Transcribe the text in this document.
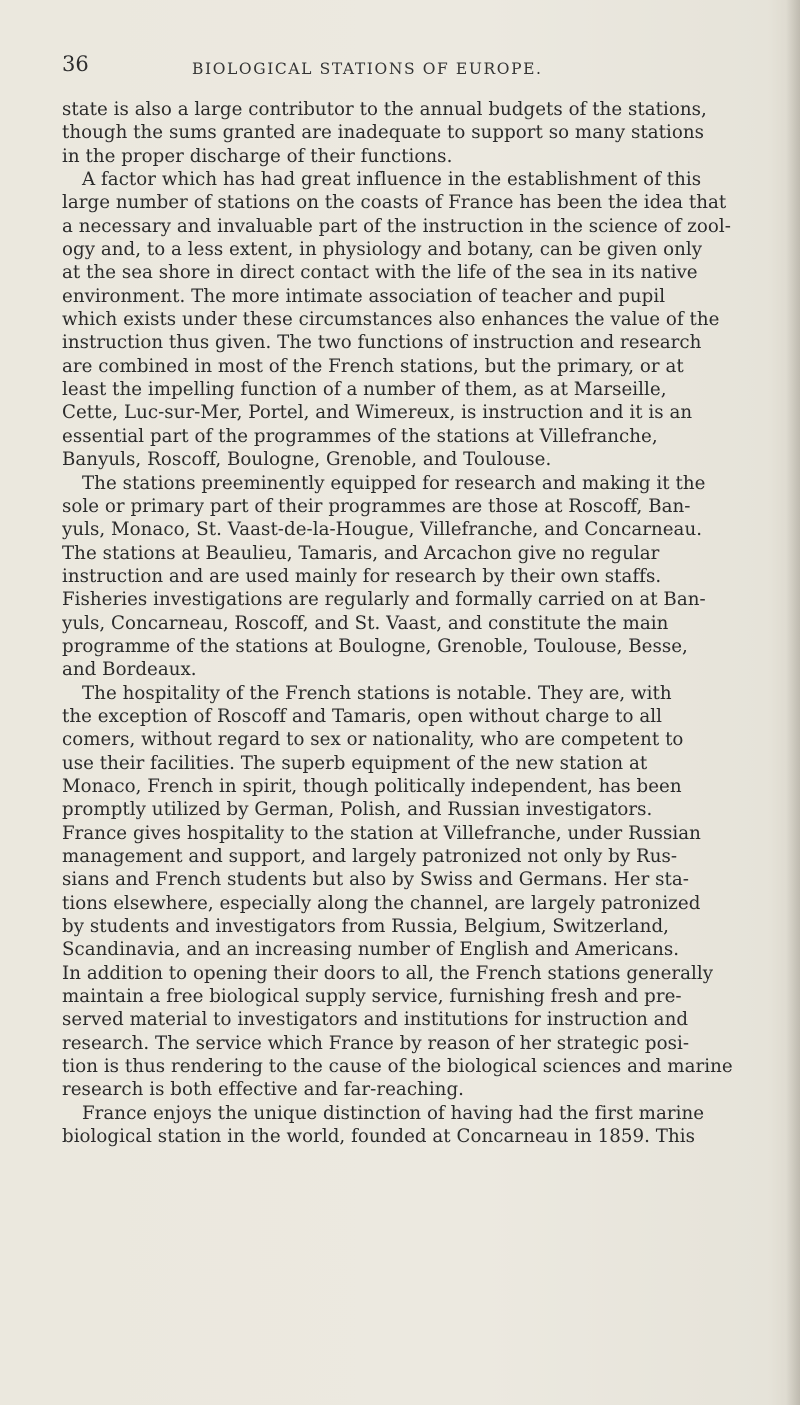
36	BIOLOGICAL STATIONS OF EUROPE.
state is also a large contributor to the annual budgets of the stations,
though the sums granted are inadequate to support so many stations
in the proper discharge of their functions.
A factor which has had great influence in the establishment of this
large number of stations on the coasts of France has been the idea that
a necessary and invaluable part of the instruction in the science of zool-
ogy and, to a less extent, in physiology and botany, can be given only
at the sea shore in direct contact with the life of the sea in its native
environment. The more intimate association of teacher and pupil
which exists under these circumstances also enhances the value of the
instruction thus given. The two functions of instruction and research
are combined in most of the French stations, but the primary, or at
least the impelling function of a number of them, as at Marseille,
Cette, Luc-sur-Mer, Portel, and Wimereux, is instruction and it is an
essential part of the programmes of the stations at Villefranche,
Banyuls, Roscoff, Boulogne, Grenoble, and Toulouse.
The stations preeminently equipped for research and making it the
sole or primary part of their programmes are those at Roscoff, Ban-
yuls, Monaco, St. Vaast-de-la-Hougue, Villefranche, and Concarneau.
The stations at Beaulieu, Tamaris, and Arcachon give no regular
instruction and are used mainly for research by their own staffs.
Fisheries investigations are regularly and formally carried on at Ban-
yuls, Concarneau, Roscoff, and St. Vaast, and constitute the main
programme of the stations at Boulogne, Grenoble, Toulouse, Besse,
and Bordeaux.
The hospitality of the French stations is notable. They are, with
the exception of Roscoff and Tamaris, open without charge to all
comers, without regard to sex or nationality, who are competent to
use their facilities. The superb equipment of the new station at
Monaco, French in spirit, though politically independent, has been
promptly utilized by German, Polish, and Russian investigators.
France gives hospitality to the station at Villefranche, under Russian
management and support, and largely patronized not only by Rus-
sians and French students but also by Swiss and Germans. Her sta-
tions elsewhere, especially along the channel, are largely patronized
by students and investigators from Russia, Belgium, Switzerland,
Scandinavia, and an increasing number of English and Americans.
In addition to opening their doors to all, the French stations generally
maintain a free biological supply service, furnishing fresh and pre-
served material to investigators and institutions for instruction and
research. The service which France by reason of her strategic posi-
tion is thus rendering to the cause of the biological sciences and marine
research is both effective and far-reaching.
France enjoys the unique distinction of having had the first marine
biological station in the world, founded at Concarneau in 1859. This
